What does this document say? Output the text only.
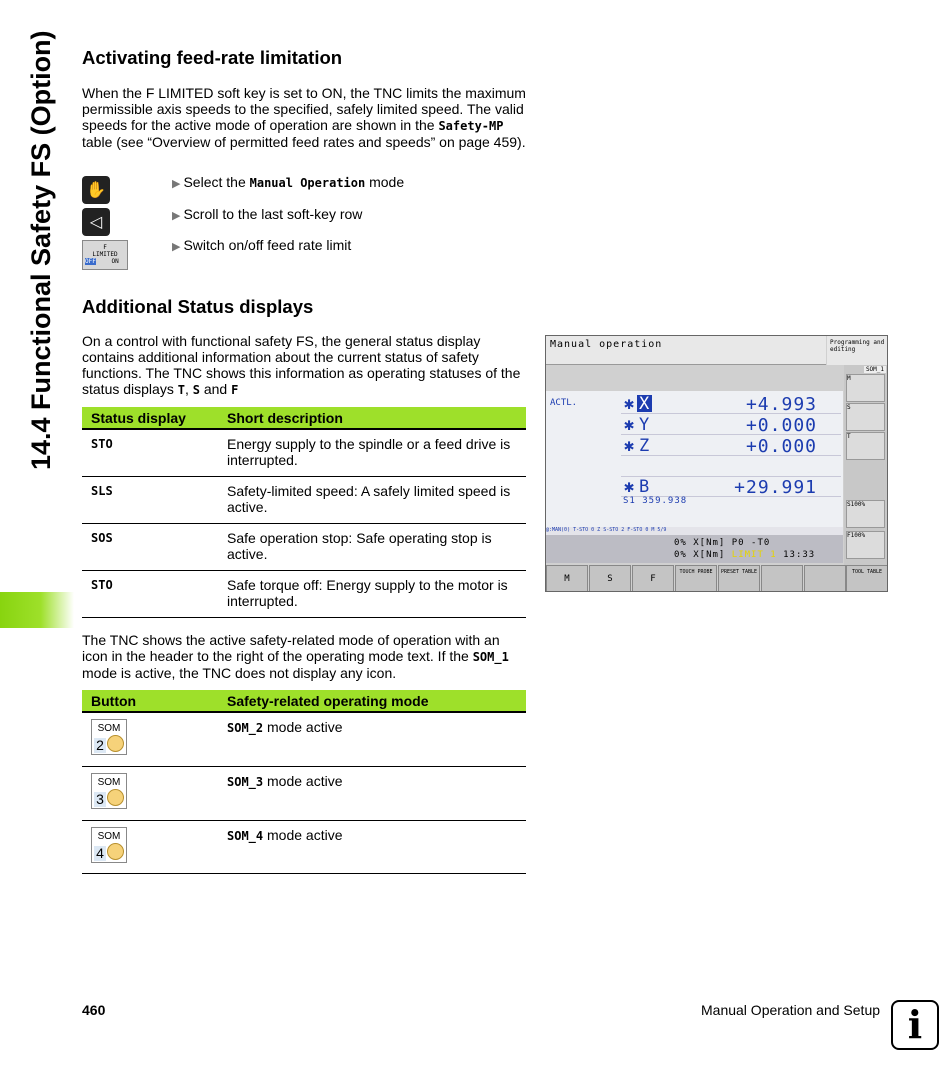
14.4 Functional Safety FS (Option)	Activating feed-rate limitation

When the F LIMITED soft key is set to ON, the TNC limits the maximum permissible axis speeds to the specified, safely limited speed. The valid speeds for the active mode of operation are shown in the Safety-MP table (see “Overview of permitted feed rates and speeds” on page 459).

✋
◁
F
LIMITED
OFF	ON
▶ Select the Manual Operation mode
▶ Scroll to the last soft-key row
▶ Switch on/off feed rate limit
Additional Status displays

On a control with functional safety FS, the general status display contains additional information about the current status of safety functions. The TNC shows this information as operating statuses of the status displays T, S and F

Status display	Short description
STO	Energy supply to the spindle or a feed drive is interrupted.
SLS	Safety-limited speed: A safely limited speed is active.
SOS	Safe operation stop: Safe operating stop is active.
STO	Safe torque off: Energy supply to the motor is interrupted.

The TNC shows the active safety-related mode of operation with an icon in the header to the right of the operating mode text. If the SOM_1 mode is active, the TNC does not display any icon.

Button	Safety-related operating mode

SOM
2	SOM_2 mode active

SOM
3	SOM_3 mode active

SOM
4	SOM_4 mode active
Manual operation	Programming and editing
ACTL.	✱ X	+4.993
✱ Y	+0.000
✱ Z	+0.000
✱ B	+29.991
S1 359.938
@:MAN(0) T-STO 0 Z S-STO 2 F-STO 0 M 5/9
0% X[Nm] P0 -T0
0% X[Nm] LIMIT 1 13:33
SOM_1
M
S
T
S100%
F100%
M	S	F
TOUCH PROBE	PRESET TABLE	TOOL TABLE
460	Manual Operation and Setup i
